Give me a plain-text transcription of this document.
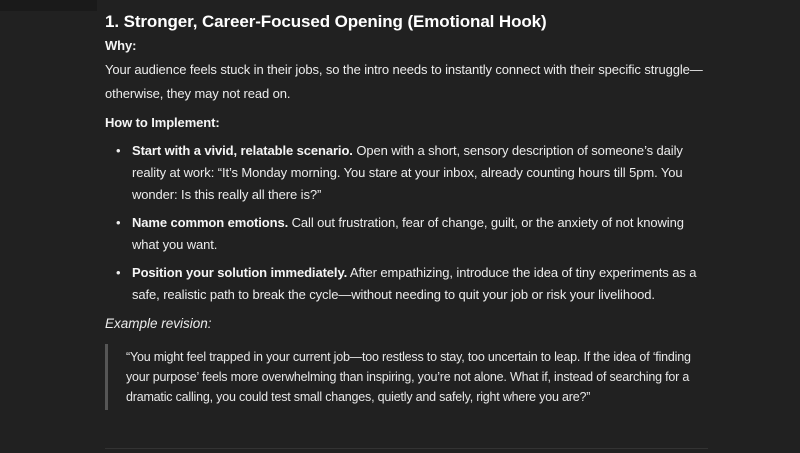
1. Stronger, Career-Focused Opening (Emotional Hook)

Why:
Your audience feels stuck in their jobs, so the intro needs to instantly connect with their specific struggle—otherwise, they may not read on.

How to Implement:

• Start with a vivid, relatable scenario. Open with a short, sensory description of someone’s daily reality at work: “It’s Monday morning. You stare at your inbox, already counting hours till 5pm. You wonder: Is this really all there is?”
• Name common emotions. Call out frustration, fear of change, guilt, or the anxiety of not knowing what you want.
• Position your solution immediately. After empathizing, introduce the idea of tiny experiments as a safe, realistic path to break the cycle—without needing to quit your job or risk your livelihood.

Example revision:

“You might feel trapped in your current job—too restless to stay, too uncertain to leap. If the idea of ‘finding your purpose’ feels more overwhelming than inspiring, you’re not alone. What if, instead of searching for a dramatic calling, you could test small changes, quietly and safely, right where you are?”
